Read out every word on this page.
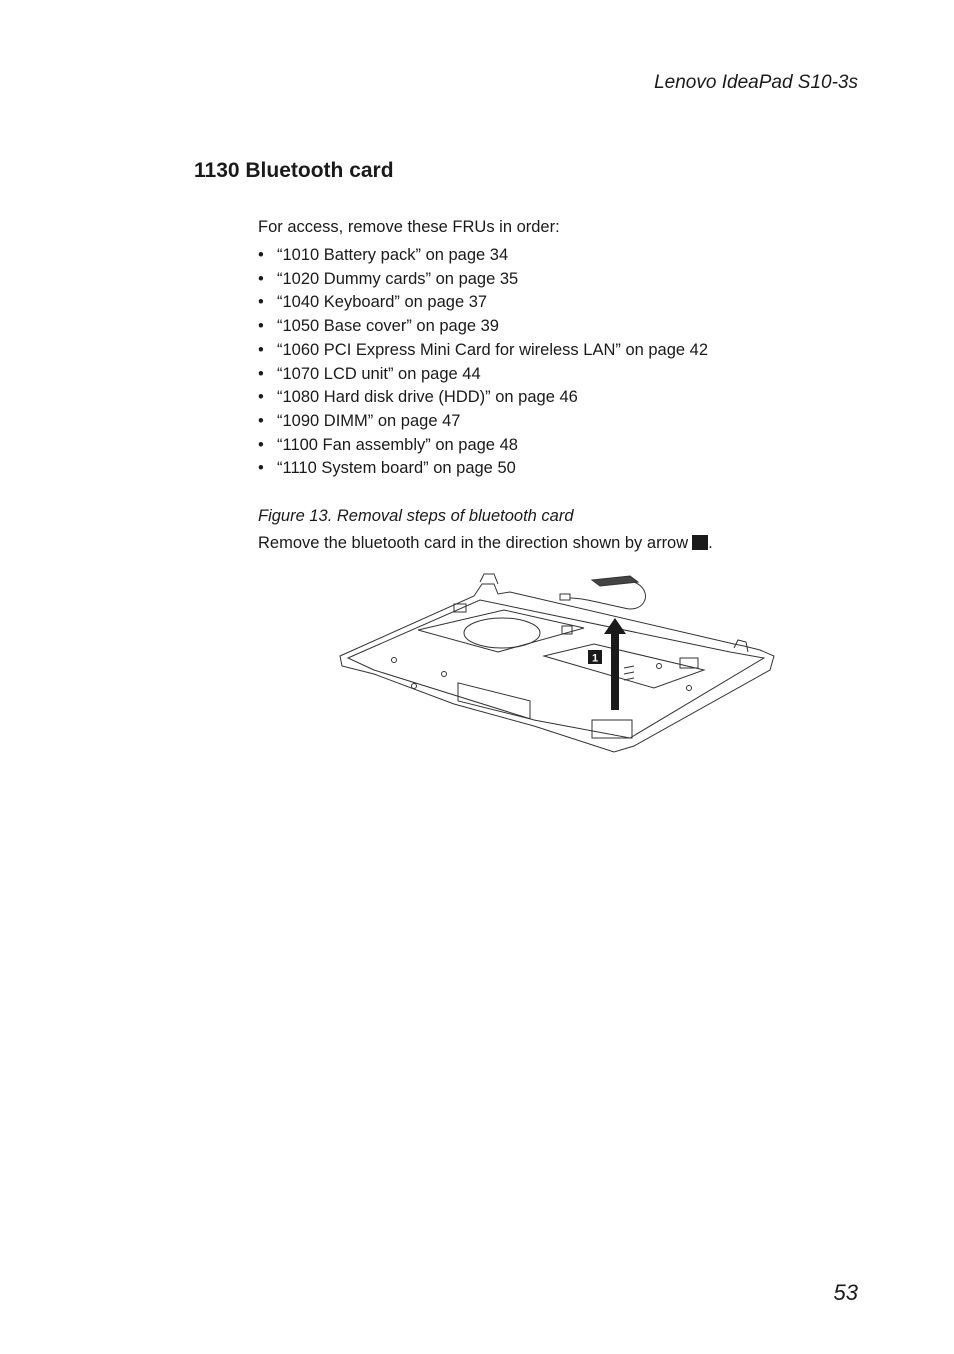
Lenovo IdeaPad S10-3s
1130 Bluetooth card

For access, remove these FRUs in order:

• “1010 Battery pack” on page 34
• “1020 Dummy cards” on page 35
• “1040 Keyboard” on page 37
• “1050 Base cover” on page 39
• “1060 PCI Express Mini Card for wireless LAN” on page 42
• “1070 LCD unit” on page 44
• “1080 Hard disk drive (HDD)” on page 46
• “1090 DIMM” on page 47
• “1100 Fan assembly” on page 48
• “1110 System board” on page 50

Figure 13. Removal steps of bluetooth card

Remove the bluetooth card in the direction shown by arrow .

1
53
